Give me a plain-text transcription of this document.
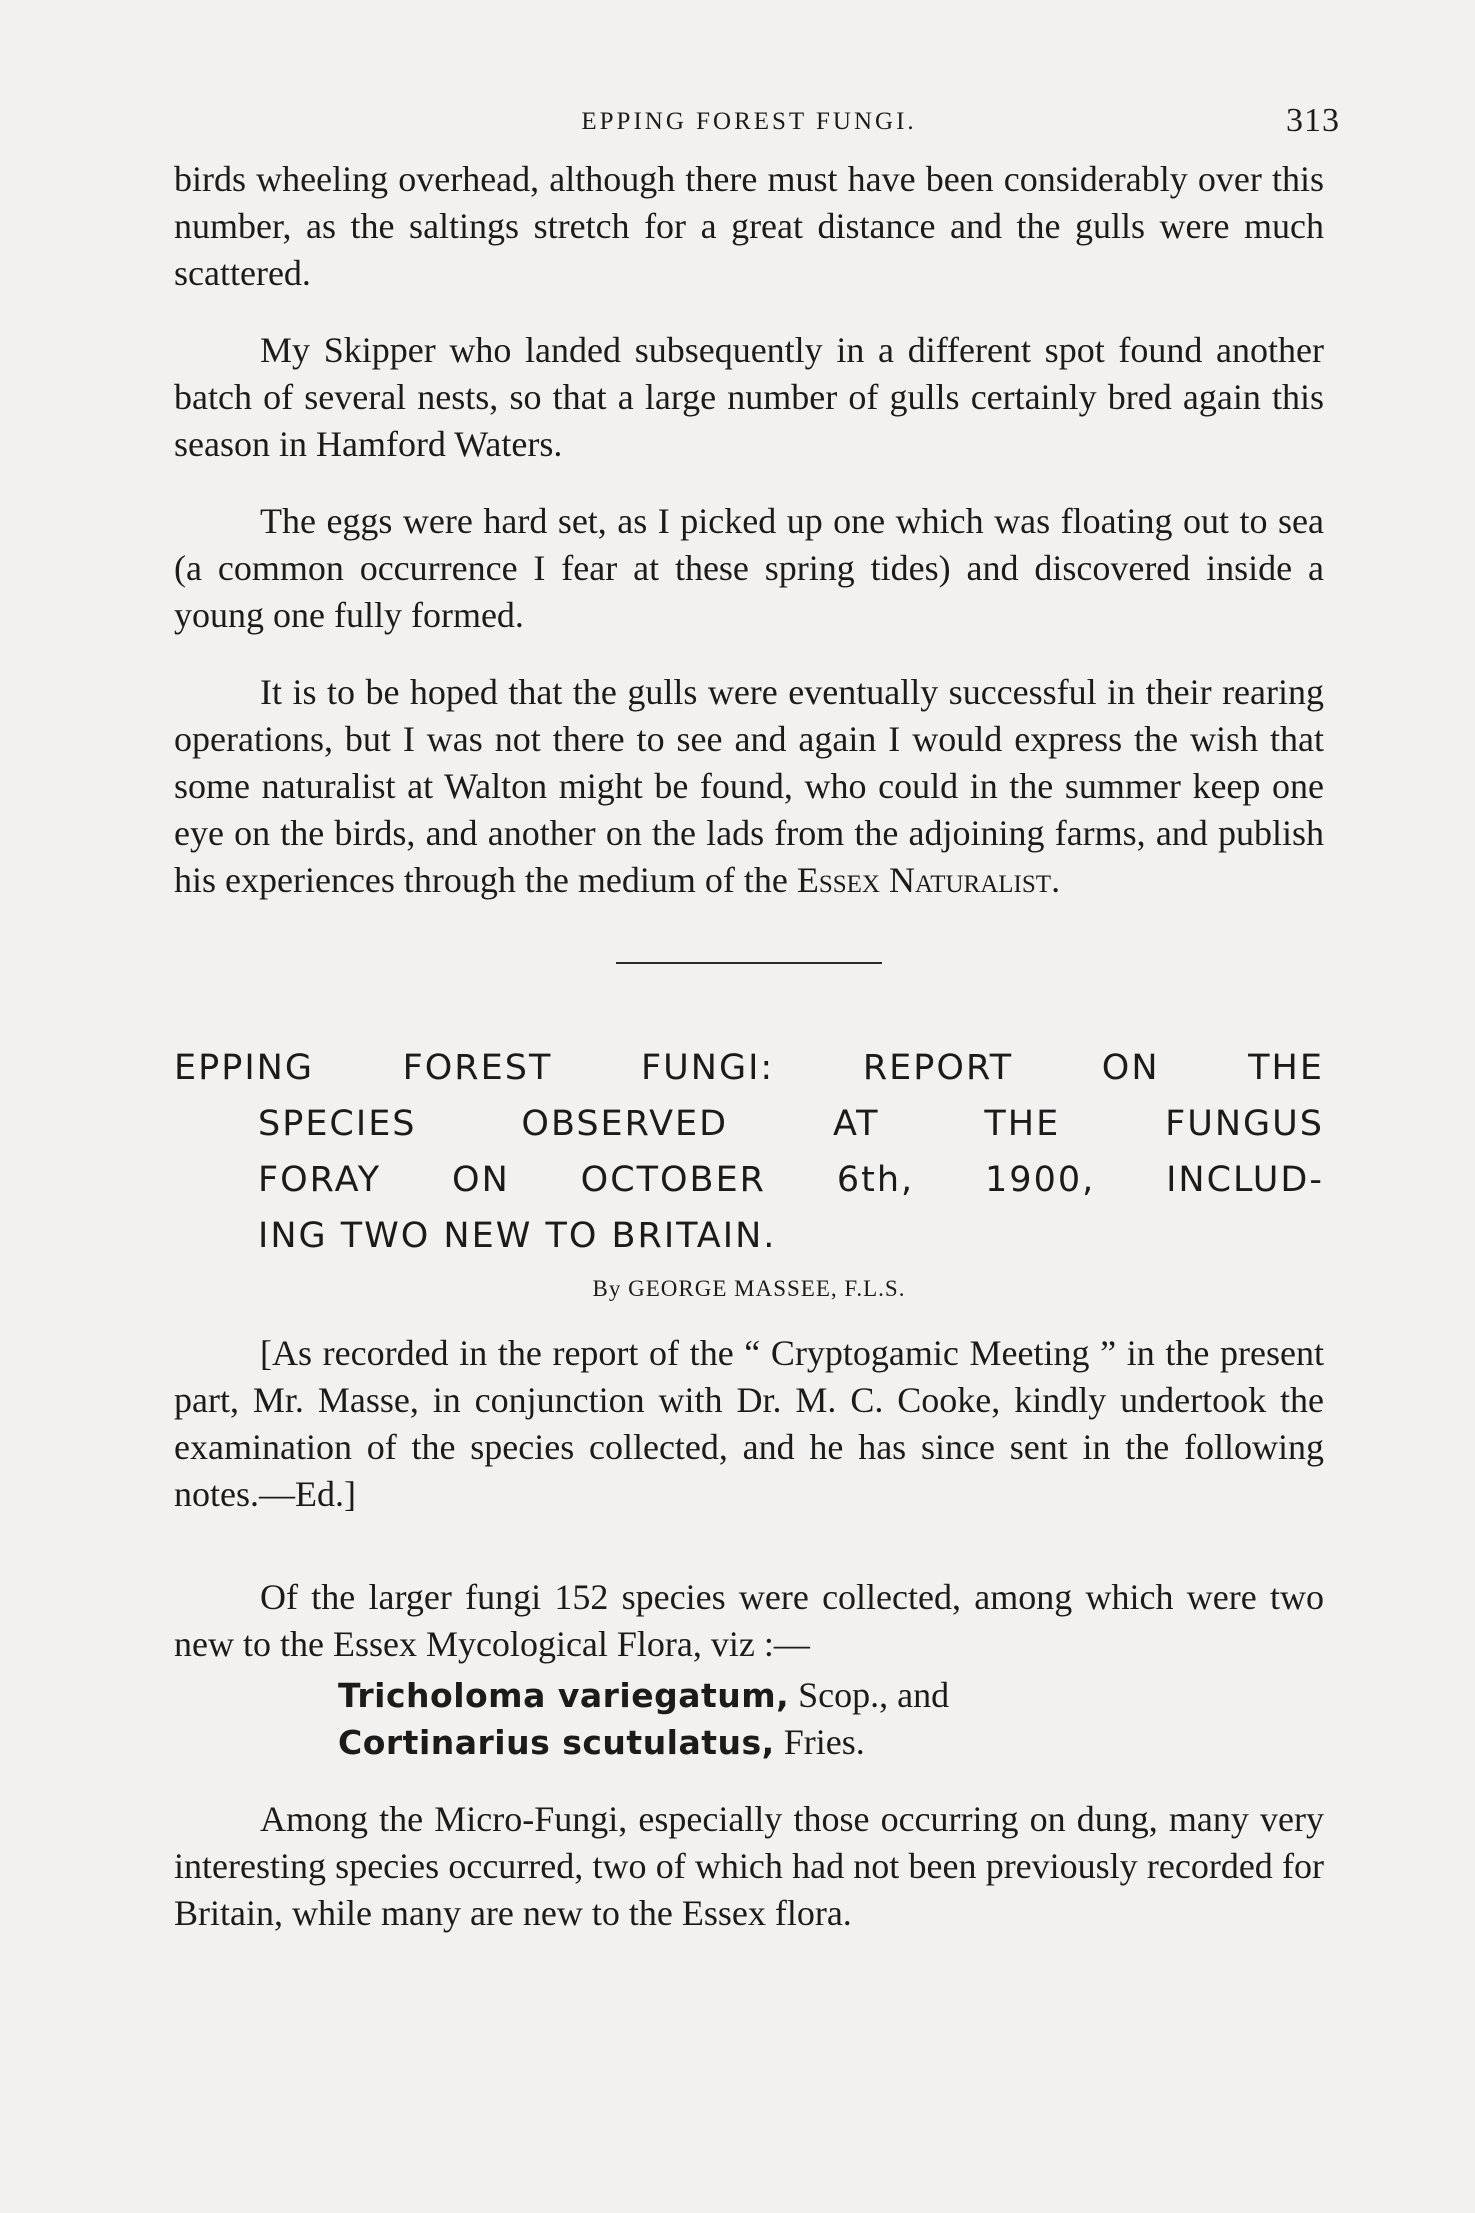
EPPING FOREST FUNGI.	313

birds wheeling overhead, although there must have been considerably over this number, as the saltings stretch for a great distance and the gulls were much scattered.

My Skipper who landed subsequently in a different spot found another batch of several nests, so that a large number of gulls certainly bred again this season in Hamford Waters.

The eggs were hard set, as I picked up one which was floating out to sea (a common occurrence I fear at these spring tides) and discovered inside a young one fully formed.

It is to be hoped that the gulls were eventually successful in their rearing operations, but I was not there to see and again I would express the wish that some naturalist at Walton might be found, who could in the summer keep one eye on the birds, and another on the lads from the adjoining farms, and publish his experiences through the medium of the Essex Naturalist.

EPPING FOREST FUNGI: REPORT ON THE
SPECIES OBSERVED AT THE FUNGUS
FORAY ON OCTOBER 6th, 1900, INCLUD-
ING TWO NEW TO BRITAIN.
By GEORGE MASSEE, F.L.S.

[As recorded in the report of the “ Cryptogamic Meeting ” in the present part, Mr. Masse, in conjunction with Dr. M. C. Cooke, kindly undertook the examination of the species collected, and he has since sent in the following notes.—Ed.]

Of the larger fungi 152 species were collected, among which were two new to the Essex Mycological Flora, viz :—

Tricholoma variegatum, Scop., and
Cortinarius scutulatus, Fries.

Among the Micro-Fungi, especially those occurring on dung, many very interesting species occurred, two of which had not been previously recorded for Britain, while many are new to the Essex flora.
